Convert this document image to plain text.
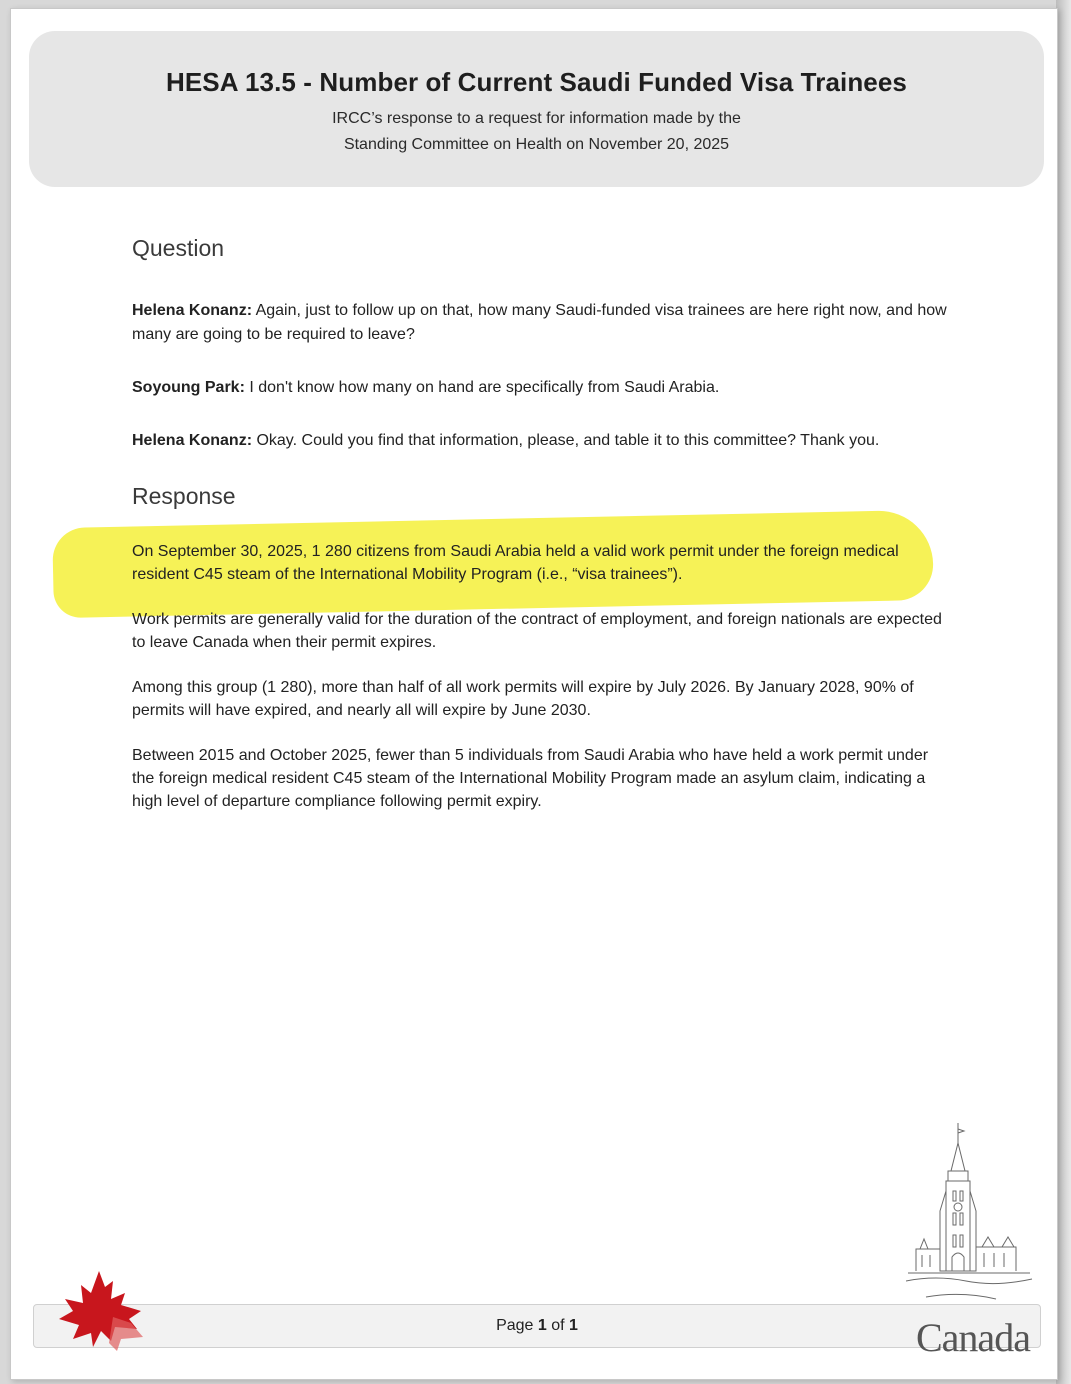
HESA 13.5 - Number of Current Saudi Funded Visa Trainees
IRCC’s response to a request for information made by the
Standing Committee on Health on November 20, 2025
Question

Helena Konanz: Again, just to follow up on that, how many Saudi-funded visa trainees are here right now, and how many are going to be required to leave?

Soyoung Park: I don't know how many on hand are specifically from Saudi Arabia.

Helena Konanz: Okay. Could you find that information, please, and table it to this committee? Thank you.

Response

On September 30, 2025, 1 280 citizens from Saudi Arabia held a valid work permit under the foreign medical resident C45 steam of the International Mobility Program (i.e., “visa trainees”).

Work permits are generally valid for the duration of the contract of employment, and foreign nationals are expected to leave Canada when their permit expires.

Among this group (1 280), more than half of all work permits will expire by July 2026. By January 2028, 90% of permits will have expired, and nearly all will expire by June 2030.

Between 2015 and October 2025, fewer than 5 individuals from Saudi Arabia who have held a work permit under the foreign medical resident C45 steam of the International Mobility Program made an asylum claim, indicating a high level of departure compliance following permit expiry.

Page 1 of 1	Canada
